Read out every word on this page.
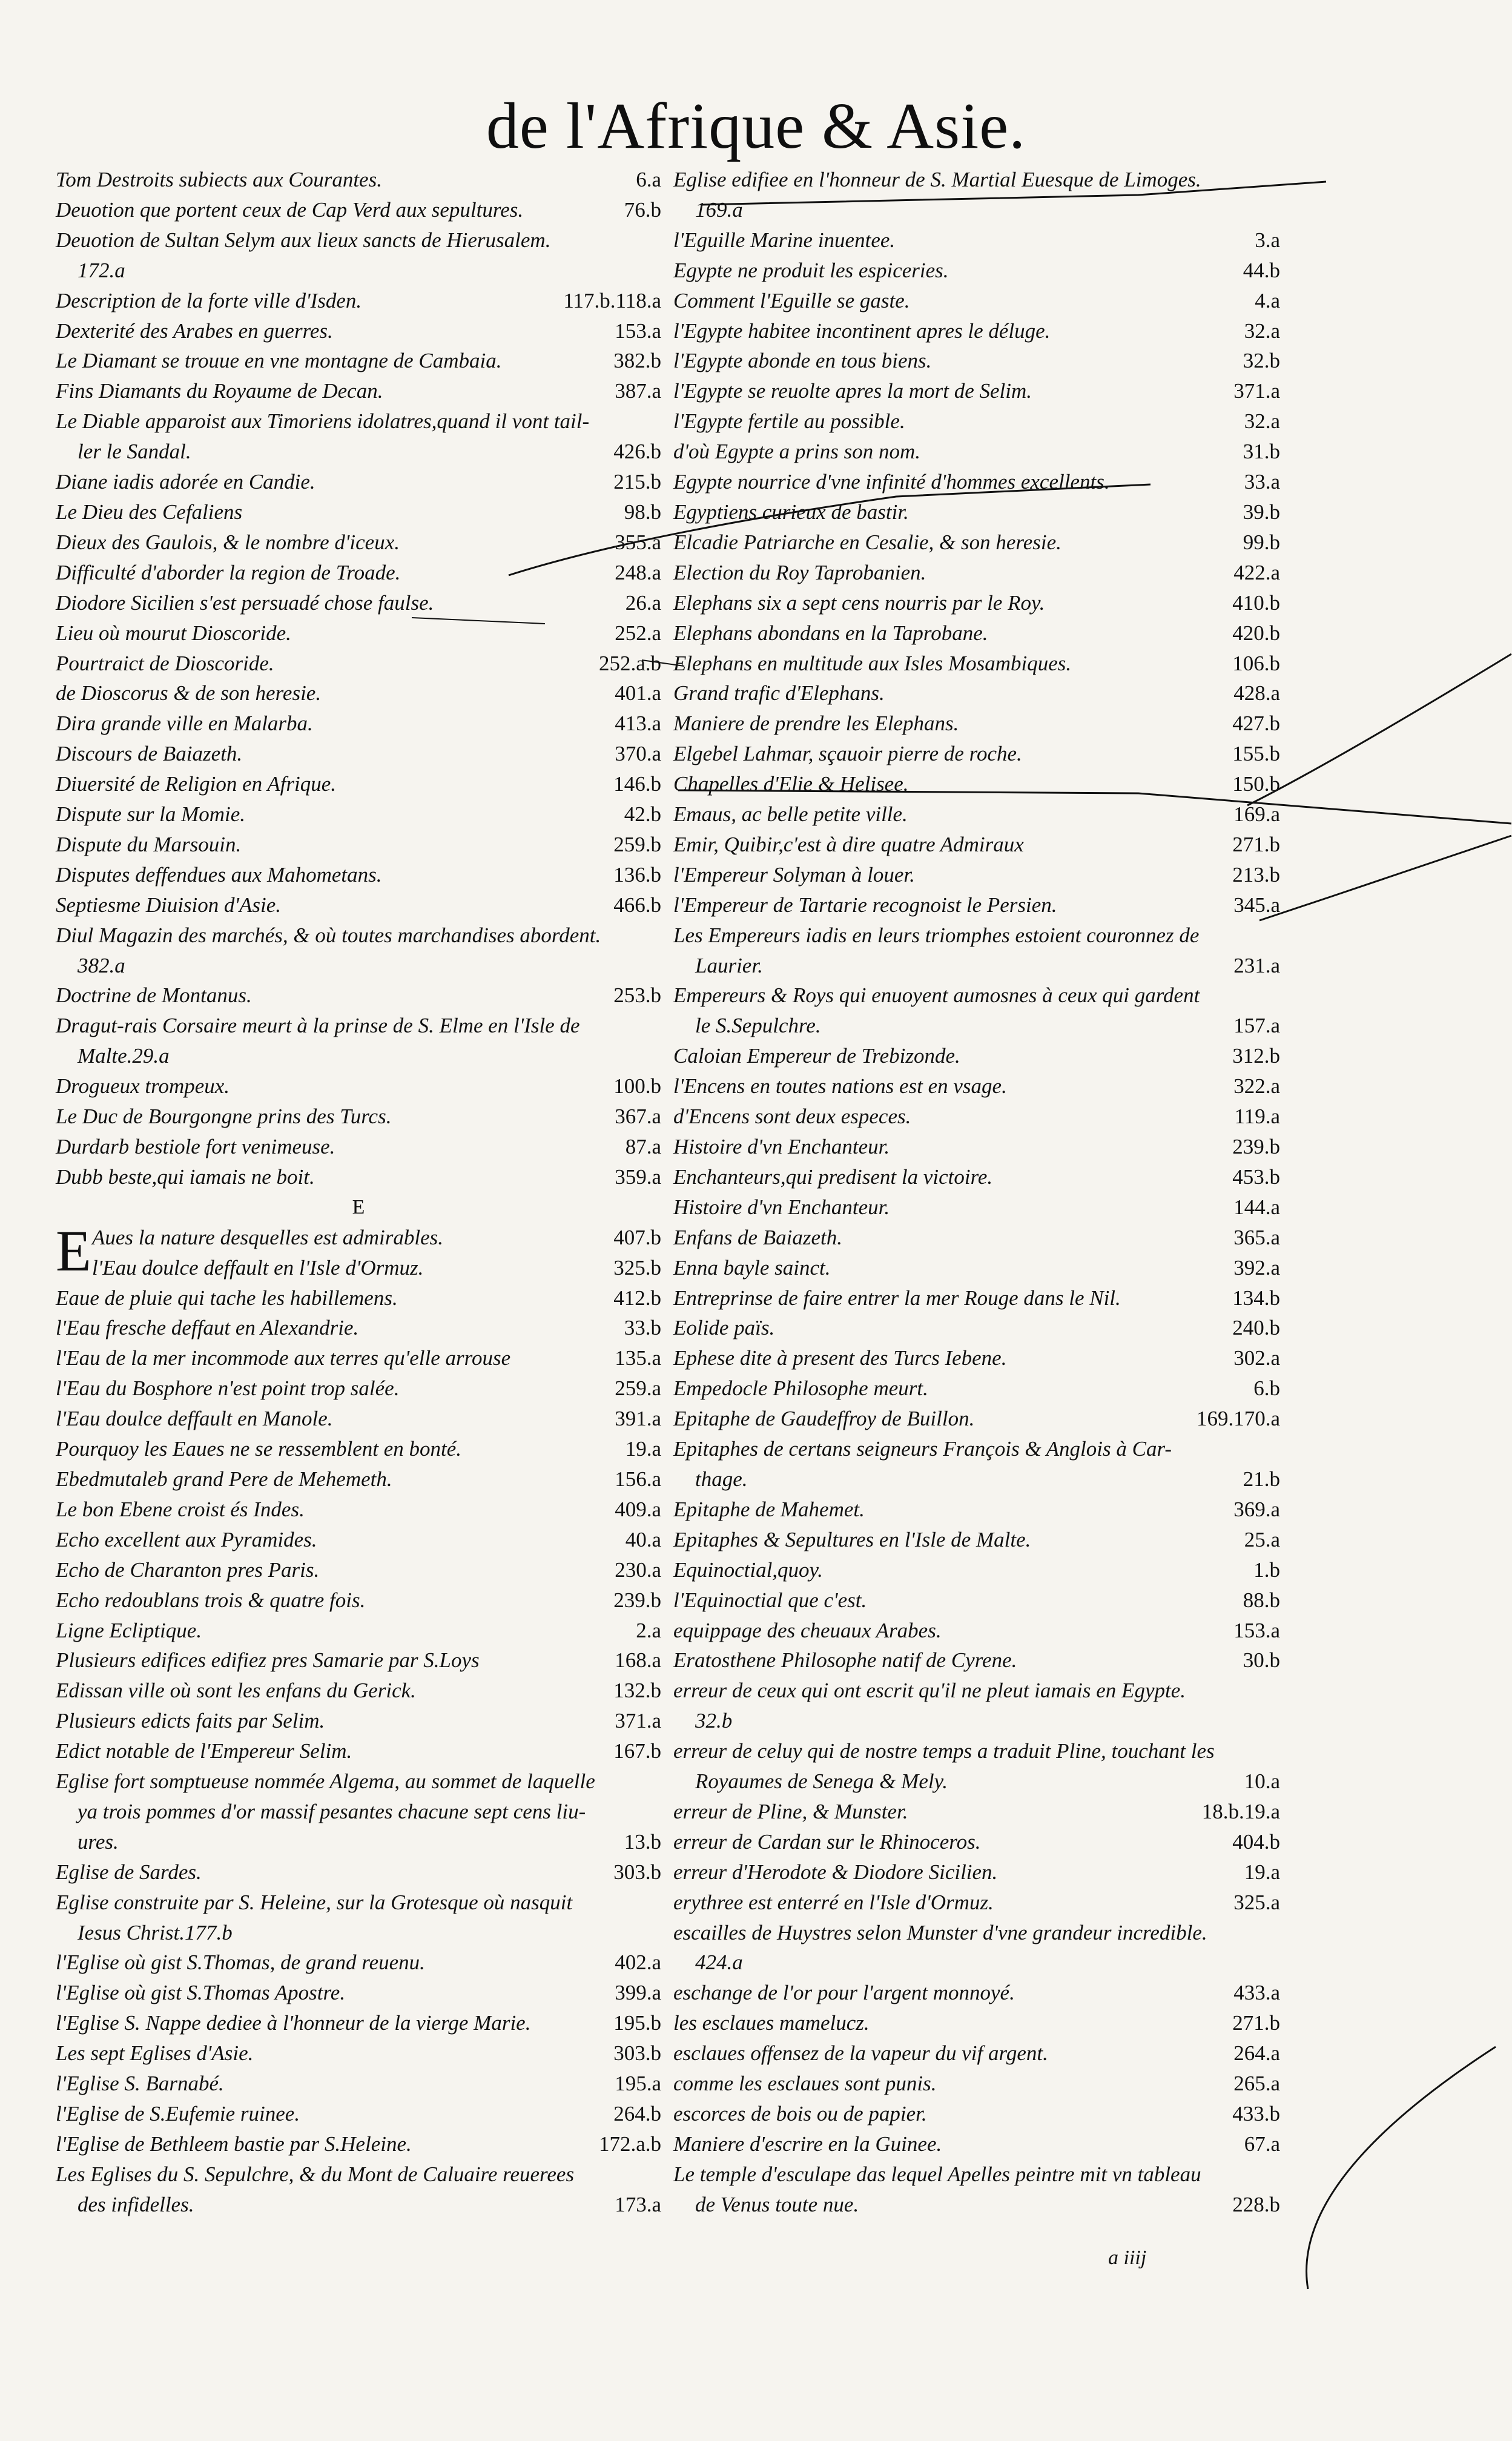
de l'Afrique & Asie.
Tom Destroits subiects aux Courantes.	6.a
Deuotion que portent ceux de Cap Verd aux sepultures.	76.b
Deuotion de Sultan Selym aux lieux sancts de Hierusalem.
172.a
Description de la forte ville d'Isden.	117.b.118.a
Dexterité des Arabes en guerres.	153.a
Le Diamant se trouue en vne montagne de Cambaia.	382.b
Fins Diamants du Royaume de Decan.	387.a
Le Diable apparoist aux Timoriens idolatres,quand il vont tail-
ler le Sandal.	426.b
Diane iadis adorée en Candie.	215.b
Le Dieu des Cefaliens	98.b
Dieux des Gaulois, & le nombre d'iceux.	355.a
Difficulté d'aborder la region de Troade.	248.a
Diodore Sicilien s'est persuadé chose faulse.	26.a
Lieu où mourut Dioscoride.	252.a
Pourtraict de Dioscoride.	252.a.b
de Dioscorus & de son heresie.	401.a
Dira grande ville en Malarba.	413.a
Discours de Baiazeth.	370.a
Diuersité de Religion en Afrique.	146.b
Dispute sur la Momie.	42.b
Dispute du Marsouin.	259.b
Disputes deffendues aux Mahometans.	136.b
Septiesme Diuision d'Asie.	466.b
Diul Magazin des marchés, & où toutes marchandises abordent.
382.a
Doctrine de Montanus.	253.b
Dragut-rais Corsaire meurt à la prinse de S. Elme en l'Isle de
Malte.29.a
Drogueux trompeux.	100.b
Le Duc de Bourgongne prins des Turcs.	367.a
Durdarb bestiole fort venimeuse.	87.a
Dubb beste,qui iamais ne boit.	359.a
E
E Aues la nature desquelles est admirables.	407.b
l'Eau doulce deffault en l'Isle d'Ormuz.	325.b
Eaue de pluie qui tache les habillemens.	412.b
l'Eau fresche deffaut en Alexandrie.	33.b
l'Eau de la mer incommode aux terres qu'elle arrouse	135.a
l'Eau du Bosphore n'est point trop salée.	259.a
l'Eau doulce deffault en Manole.	391.a
Pourquoy les Eaues ne se ressemblent en bonté.	19.a
Ebedmutaleb grand Pere de Mehemeth.	156.a
Le bon Ebene croist és Indes.	409.a
Echo excellent aux Pyramides.	40.a
Echo de Charanton pres Paris.	230.a
Echo redoublans trois & quatre fois.	239.b
Ligne Ecliptique.	2.a
Plusieurs edifices edifiez pres Samarie par S.Loys	168.a
Edissan ville où sont les enfans du Gerick.	132.b
Plusieurs edicts faits par Selim.	371.a
Edict notable de l'Empereur Selim.	167.b
Eglise fort somptueuse nommée Algema, au sommet de laquelle
ya trois pommes d'or massif pesantes chacune sept cens liu-
ures.	13.b
Eglise de Sardes.	303.b
Eglise construite par S. Heleine, sur la Grotesque où nasquit
Iesus Christ.177.b
l'Eglise où gist S.Thomas, de grand reuenu.	402.a
l'Eglise où gist S.Thomas Apostre.	399.a
l'Eglise S. Nappe dediee à l'honneur de la vierge Marie.	195.b
Les sept Eglises d'Asie.	303.b
l'Eglise S. Barnabé.	195.a
l'Eglise de S.Eufemie ruinee.	264.b
l'Eglise de Bethleem bastie par S.Heleine.	172.a.b
Les Eglises du S. Sepulchre, & du Mont de Caluaire reuerees
des infidelles.	173.a
Eglise edifiee en l'honneur de S. Martial Euesque de Limoges.
169.a
l'Eguille Marine inuentee.	3.a
Egypte ne produit les espiceries.	44.b
Comment l'Eguille se gaste.	4.a
l'Egypte habitee incontinent apres le déluge.	32.a
l'Egypte abonde en tous biens.	32.b
l'Egypte se reuolte apres la mort de Selim.	371.a
l'Egypte fertile au possible.	32.a
d'où Egypte a prins son nom.	31.b
Egypte nourrice d'vne infinité d'hommes excellents.	33.a
Egyptiens curieux de bastir.	39.b
Elcadie Patriarche en Cesalie, & son heresie.	99.b
Election du Roy Taprobanien.	422.a
Elephans six a sept cens nourris par le Roy.	410.b
Elephans abondans en la Taprobane.	420.b
Elephans en multitude aux Isles Mosambiques.	106.b
Grand trafic d'Elephans.	428.a
Maniere de prendre les Elephans.	427.b
Elgebel Lahmar, sçauoir pierre de roche.	155.b
Chapelles d'Elie & Helisee.	150.b
Emaus, ac belle petite ville.	169.a
Emir, Quibir,c'est à dire quatre Admiraux	271.b
l'Empereur Solyman à louer.	213.b
l'Empereur de Tartarie recognoist le Persien.	345.a
Les Empereurs iadis en leurs triomphes estoient couronnez de
Laurier.	231.a
Empereurs & Roys qui enuoyent aumosnes à ceux qui gardent
le S.Sepulchre.	157.a
Caloian Empereur de Trebizonde.	312.b
l'Encens en toutes nations est en vsage.	322.a
d'Encens sont deux especes.	119.a
Histoire d'vn Enchanteur.	239.b
Enchanteurs,qui predisent la victoire.	453.b
Histoire d'vn Enchanteur.	144.a
Enfans de Baiazeth.	365.a
Enna bayle sainct.	392.a
Entreprinse de faire entrer la mer Rouge dans le Nil.	134.b
Eolide païs.	240.b
Ephese dite à present des Turcs Iebene.	302.a
Empedocle Philosophe meurt.	6.b
Epitaphe de Gaudeffroy de Buillon.	169.170.a
Epitaphes de certans seigneurs François & Anglois à Car-
thage.	21.b
Epitaphe de Mahemet.	369.a
Epitaphes & Sepultures en l'Isle de Malte.	25.a
Equinoctial,quoy.	1.b
l'Equinoctial que c'est.	88.b
equippage des cheuaux Arabes.	153.a
Eratosthene Philosophe natif de Cyrene.	30.b
erreur de ceux qui ont escrit qu'il ne pleut iamais en Egypte.
32.b
erreur de celuy qui de nostre temps a traduit Pline, touchant les
Royaumes de Senega & Mely.	10.a
erreur de Pline, & Munster.	18.b.19.a
erreur de Cardan sur le Rhinoceros.	404.b
erreur d'Herodote & Diodore Sicilien.	19.a
erythree est enterré en l'Isle d'Ormuz.	325.a
escailles de Huystres selon Munster d'vne grandeur incredible.
424.a
eschange de l'or pour l'argent monnoyé.	433.a
les esclaues mamelucz.	271.b
esclaues offensez de la vapeur du vif argent.	264.a
comme les esclaues sont punis.	265.a
escorces de bois ou de papier.	433.b
Maniere d'escrire en la Guinee.	67.a
Le temple d'esculape das lequel Apelles peintre mit vn tableau
de Venus toute nue.	228.b
a iiij
